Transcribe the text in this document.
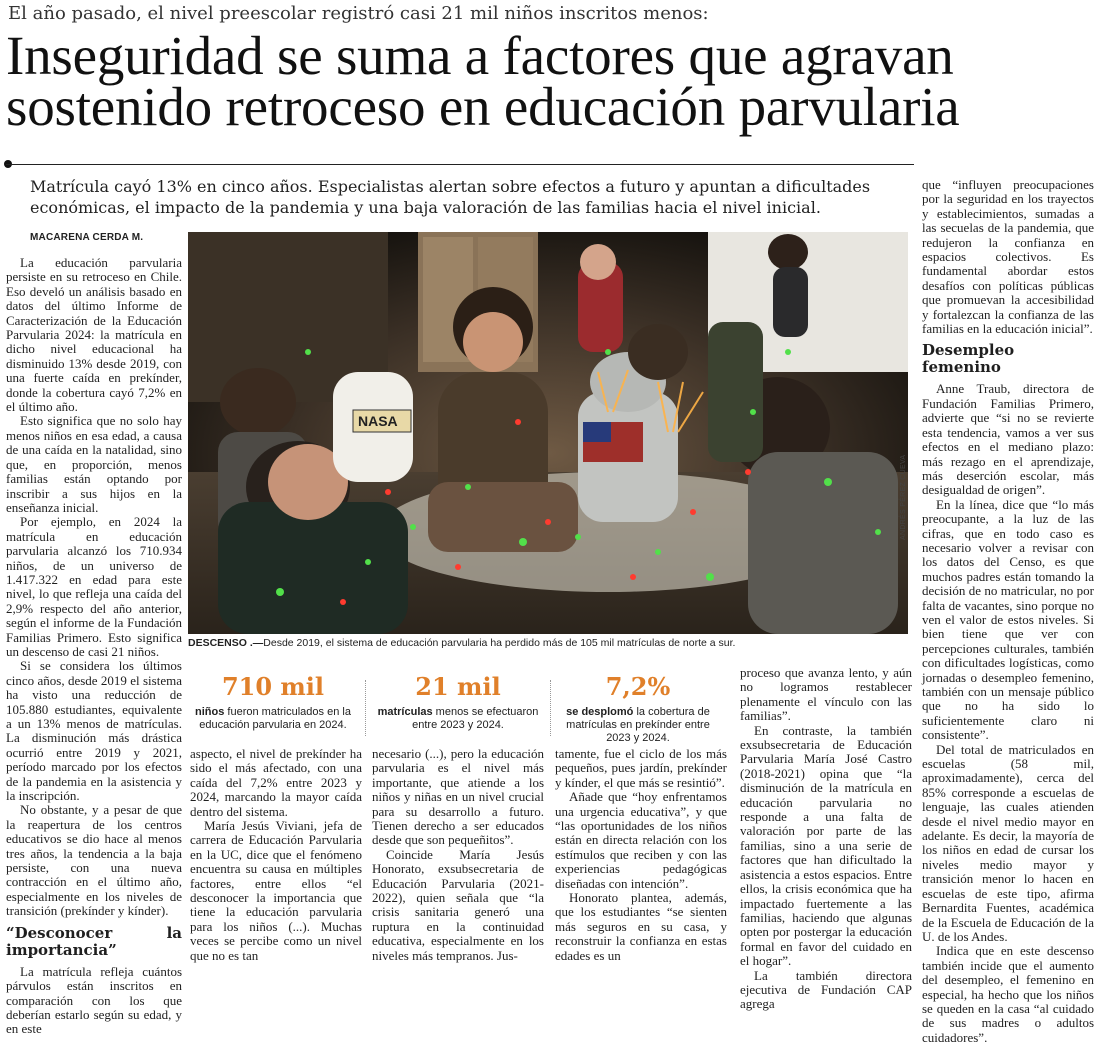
El año pasado, el nivel preescolar registró casi 21 mil niños inscritos menos:
Inseguridad se suma a factores que agravan sostenido retroceso en educación parvularia
Matrícula cayó 13% en cinco años. Especialistas alertan sobre efectos a futuro y apuntan a dificultades económicas, el impacto de la pandemia y una baja valoración de las familias hacia el nivel inicial.
MACARENA CERDA M.

La educación parvularia persiste en su retroceso en Chile. Eso develó un análisis basado en datos del último Informe de Caracterización de la Educación Parvularia 2024: la matrícula en dicho nivel educacional ha disminuido 13% desde 2019, con una fuerte caída en prekínder, donde la cobertura cayó 7,2% en el último año.

Esto significa que no solo hay menos niños en esa edad, a causa de una caída en la natalidad, sino que, en proporción, menos familias están optando por inscribir a sus hijos en la enseñanza inicial.

Por ejemplo, en 2024 la matrícula en educación parvularia alcanzó los 710.934 niños, de un universo de 1.417.322 en edad para este nivel, lo que refleja una caída del 2,9% respecto del año anterior, según el informe de la Fundación Familias Primero. Esto significa un descenso de casi 21 niños.

Si se considera los últimos cinco años, desde 2019 el sistema ha visto una reducción de 105.880 estudiantes, equivalente a un 13% menos de matrículas. La disminución más drástica ocurrió entre 2019 y 2021, período marcado por los efectos de la pandemia en la asistencia y la inscripción.

No obstante, y a pesar de que la reapertura de los centros educativos se dio hace al menos tres años, la tendencia a la baja persiste, con una nueva contracción en el último año, especialmente en los niveles de transición (prekínder y kínder).

“Desconocer la importancia”

La matrícula refleja cuántos párvulos están inscritos en comparación con los que deberían estarlo según su edad, y en este

NASA
ANDRÉS PÉREZ CUEVA
DESCENSO .—Desde 2019, el sistema de educación parvularia ha perdido más de 105 mil matrículas de norte a sur.
710 mil
niños fueron matriculados en la educación parvularia en 2024.
21 mil
matrículas menos se efectuaron entre 2023 y 2024.
7,2%
se desplomó la cobertura de matrículas en prekínder entre 2023 y 2024.

aspecto, el nivel de prekínder ha sido el más afectado, con una caída del 7,2% entre 2023 y 2024, marcando la mayor caída dentro del sistema.

María Jesús Viviani, jefa de carrera de Educación Parvularia en la UC, dice que el fenómeno encuentra su causa en múltiples factores, entre ellos “el desconocer la importancia que tiene la educación parvularia para los niños (...). Muchas veces se percibe como un nivel que no es tan

necesario (...), pero la educación parvularia es el nivel más importante, que atiende a los niños y niñas en un nivel crucial para su desarrollo a futuro. Tienen derecho a ser educados desde que son pequeñitos”.

Coincide María Jesús Honorato, exsubsecretaria de Educación Parvularia (2021-2022), quien señala que “la crisis sanitaria generó una ruptura en la continuidad educativa, especialmente en los niveles más tempranos. Jus-

tamente, fue el ciclo de los más pequeños, pues jardín, prekínder y kínder, el que más se resintió”.

Añade que “hoy enfrentamos una urgencia educativa”, y que “las oportunidades de los niños están en directa relación con los estímulos que reciben y con las experiencias pedagógicas diseñadas con intención”.

Honorato plantea, además, que los estudiantes “se sienten más seguros en su casa, y reconstruir la confianza en estas edades es un

proceso que avanza lento, y aún no logramos restablecer plenamente el vínculo con las familias”.

En contraste, la también exsubsecretaria de Educación Parvularia María José Castro (2018-2021) opina que “la disminución de la matrícula en educación parvularia no responde a una falta de valoración por parte de las familias, sino a una serie de factores que han dificultado la asistencia a estos espacios. Entre ellos, la crisis económica que ha impactado fuertemente a las familias, haciendo que algunas opten por postergar la educación formal en favor del cuidado en el hogar”.

La también directora ejecutiva de Fundación CAP agrega

que “influyen preocupaciones por la seguridad en los trayectos y establecimientos, sumadas a las secuelas de la pandemia, que redujeron la confianza en espacios colectivos. Es fundamental abordar estos desafíos con políticas públicas que promuevan la accesibilidad y fortalezcan la confianza de las familias en la educación inicial”.

Desempleo femenino

Anne Traub, directora de Fundación Familias Primero, advierte que “si no se revierte esta tendencia, vamos a ver sus efectos en el mediano plazo: más rezago en el aprendizaje, más deserción escolar, más desigualdad de origen”.

En la línea, dice que “lo más preocupante, a la luz de las cifras, que en todo caso es necesario volver a revisar con los datos del Censo, es que muchos padres están tomando la decisión de no matricular, no por falta de vacantes, sino porque no ven el valor de estos niveles. Si bien tiene que ver con percepciones culturales, también con dificultades logísticas, como jornadas o desempleo femenino, también con un mensaje público que no ha sido lo suficientemente claro ni consistente”.

Del total de matriculados en escuelas (58 mil, aproximadamente), cerca del 85% corresponde a escuelas de lenguaje, las cuales atienden desde el nivel medio mayor en adelante. Es decir, la mayoría de los niños en edad de cursar los niveles medio mayor y transición menor lo hacen en escuelas de este tipo, afirma Bernardita Fuentes, académica de la Escuela de Educación de la U. de los Andes.

Indica que en este descenso también incide que el aumento del desempleo, el femenino en especial, ha hecho que los niños se queden en la casa “al cuidado de sus madres o adultos cuidadores”.
